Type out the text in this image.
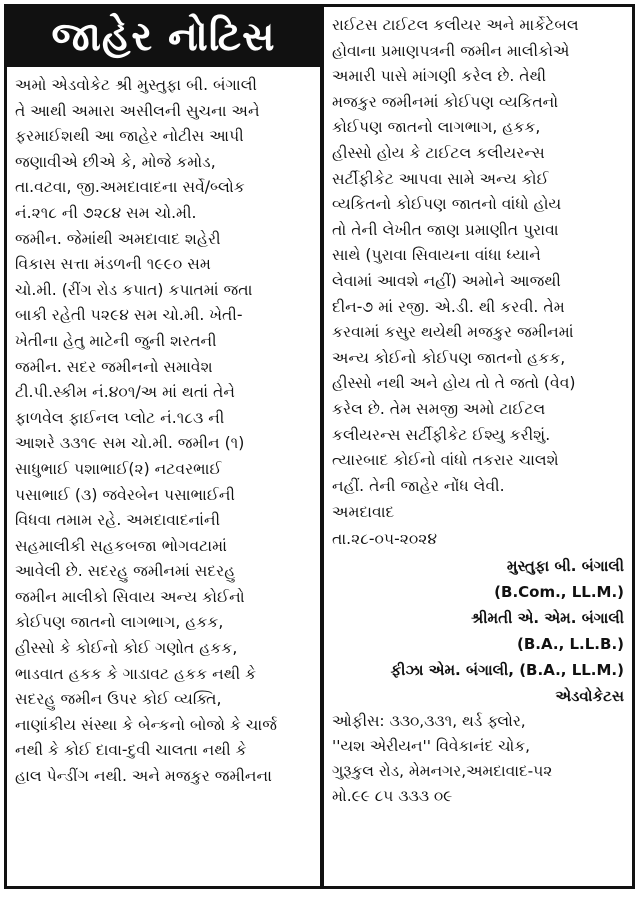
જાહેર નોટિસ
અમો એડવોકેટ શ્રી મુસ્તુફા બી. બંગાલી
તે આથી અમારા અસીલની સુચના અને
ફરમાઈશથી આ જાહેર નોટીસ આપી
જણાવીએ છીએ કે, મોજે કમોડ,
તા.વટવા, જી.અમદાવાદના સર્વે/બ્લોક
નં.૨૧૮ ની ૭૨૮૪ સમ ચો.મી.
જમીન. જેમાંથી અમદાવાદ શહેરી
વિકાસ સત્તા મંડળની ૧૯૯૦ સમ
ચો.મી. (રીંગ રોડ કપાત) કપાતમાં જતા
બાકી રહેતી ૫૨૯૪ સમ ચો.મી. ખેતી-
ખેતીના હેતુ માટેની જુની શરતની
જમીન. સદર જમીનનો સમાવેશ
ટી.પી.સ્કીમ નં.૪૦૧/અ માં થતાં તેને
ફાળવેલ ફાઈનલ પ્લોટ નં.૧૮૩ ની
આશરે ૩૩૧૯ સમ ચો.મી. જમીન (૧)
સાધુભાઈ પશાભાઈ(૨) નટવરભાઈ
પસાભાઈ (૩) જવેરબેન પસાભાઈની
વિધવા તમામ રહે. અમદાવાદનાંની
સહમાલીકી સહકબજા ભોગવટામાં
આવેલી છે. સદરહુ જમીનમાં સદરહુ
જમીન માલીકો સિવાય અન્ય કોઈનો
કોઈપણ જાતનો લાગભાગ, હકક,
હીસ્સો કે કોઈનો કોઈ ગણોત હકક,
ભાડવાત હકક કે ગાડાવટ હકક નથી કે
સદરહુ જમીન ઉપર કોઈ વ્યક્તિ,
નાણાંકીય સંસ્થા કે બેન્કનો બોજો કે ચાર્જ
નથી કે કોઈ દાવા-દુવી ચાલતા નથી કે
હાલ પેન્ડીંગ નથી. અને મજકુર જમીનના
રાઈટસ ટાઈટલ કલીયર અને માર્કેટેબલ
હોવાના પ્રમાણપત્રની જમીન માલીકોએ
અમારી પાસે માંગણી કરેલ છે. તેથી
મજકુર જમીનમાં કોઈપણ વ્યકિતનો
કોઈપણ જાતનો લાગભાગ, હકક,
હીસ્સો હોય કે ટાઈટલ કલીયરન્સ
સર્ટીફીકેટ આપવા સામે અન્ય કોઈ
વ્યકિતનો કોઈપણ જાતનો વાંધો હોય
તો તેની લેખીત જાણ પ્રમાણીત પુરાવા
સાથે (પુરાવા સિવાયના વાંધા ધ્યાને
લેવામાં આવશે નહીં) અમોને આજથી
દીન-૭ માં રજી. એ.ડી. થી કરવી. તેમ
કરવામાં કસુર થયેથી મજકુર જમીનમાં
અન્ય કોઈનો કોઈપણ જાતનો હકક,
હીસ્સો નથી અને હોય તો તે જતો (વેવ)
કરેલ છે. તેમ સમજી અમો ટાઈટલ
કલીયરન્સ સર્ટીફીકેટ ઈશ્યુ કરીશું.
ત્યારબાદ કોઈનો વાંધો તકરાર ચાલશે
નહીં. તેની જાહેર નોંધ લેવી.
અમદાવાદ
તા.૨૮-૦૫-૨૦૨૪
મુસ્તુફા બી. બંગાલી
(B.Com., LL.M.)
શ્રીમતી એ. એમ. બંગાલી
(B.A., L.L.B.)
ફીઝા એમ. બંગાલી, (B.A., LL.M.)
એડવોકેટસ
ઓફીસ: ૩૩૦,૩૩૧, થર્ડ ફ્લોર,
''યશ એરીયન'' વિવેકાનંદ ચોક,
ગુરૂકુલ રોડ, મેમનગર,અમદાવાદ-૫૨
મો.૯૯ ૮૫ ૩૩૩ ૦૯
